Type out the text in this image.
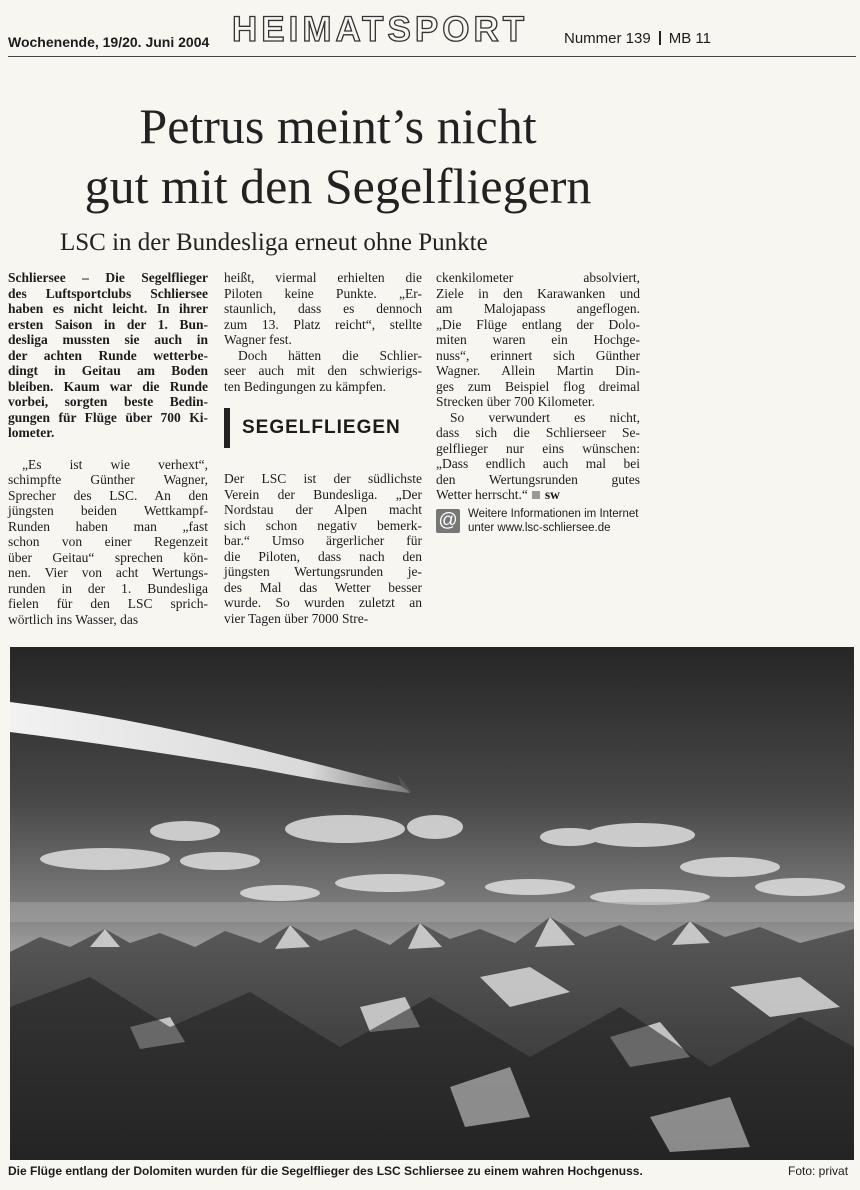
Wochenende, 19/20. Juni 2004 HEIMATSPORT Nummer 139 MB 11
Petrus meint’s nicht
gut mit den Segelfliegern
LSC in der Bundesliga erneut ohne Punkte
Schliersee – Die Segelflieger
des Luftsportclubs Schliersee
haben es nicht leicht. In ihrer
ersten Saison in der 1. Bun-
desliga mussten sie auch in
der achten Runde wetterbe-
dingt in Geitau am Boden
bleiben. Kaum war die Runde
vorbei, sorgten beste Bedin-
gungen für Flüge über 700 Ki-
lometer.
„Es ist wie verhext“,
schimpfte Günther Wagner,
Sprecher des LSC. An den
jüngsten beiden Wettkampf-
Runden haben man „fast
schon von einer Regenzeit
über Geitau“ sprechen kön-
nen. Vier von acht Wertungs-
runden in der 1. Bundesliga
fielen für den LSC sprich-
wörtlich ins Wasser, das
heißt, viermal erhielten die
Piloten keine Punkte. „Er-
staunlich, dass es dennoch
zum 13. Platz reicht“, stellte
Wagner fest.
Doch hätten die Schlier-
seer auch mit den schwierigs-
ten Bedingungen zu kämpfen.
SEGELFLIEGEN
Der LSC ist der südlichste
Verein der Bundesliga. „Der
Nordstau der Alpen macht
sich schon negativ bemerk-
bar.“ Umso ärgerlicher für
die Piloten, dass nach den
jüngsten Wertungsrunden je-
des Mal das Wetter besser
wurde. So wurden zuletzt an
vier Tagen über 7000 Stre-
ckenkilometer absolviert,
Ziele in den Karawanken und
am Malojapass angeflogen.
„Die Flüge entlang der Dolo-
miten waren ein Hochge-
nuss“, erinnert sich Günther
Wagner. Allein Martin Din-
ges zum Beispiel flog dreimal
Strecken über 700 Kilometer.
So verwundert es nicht,
dass sich die Schlierseer Se-
gelflieger nur eins wünschen:
„Dass endlich auch mal bei
den Wertungsrunden gutes
Wetter herrscht.“ sw
@ Weitere Informationen im Internet
unter www.lsc-schliersee.de
Die Flüge entlang der Dolomiten wurden für die Segelflieger des LSC Schliersee zu einem wahren Hochgenuss.	Foto: privat
